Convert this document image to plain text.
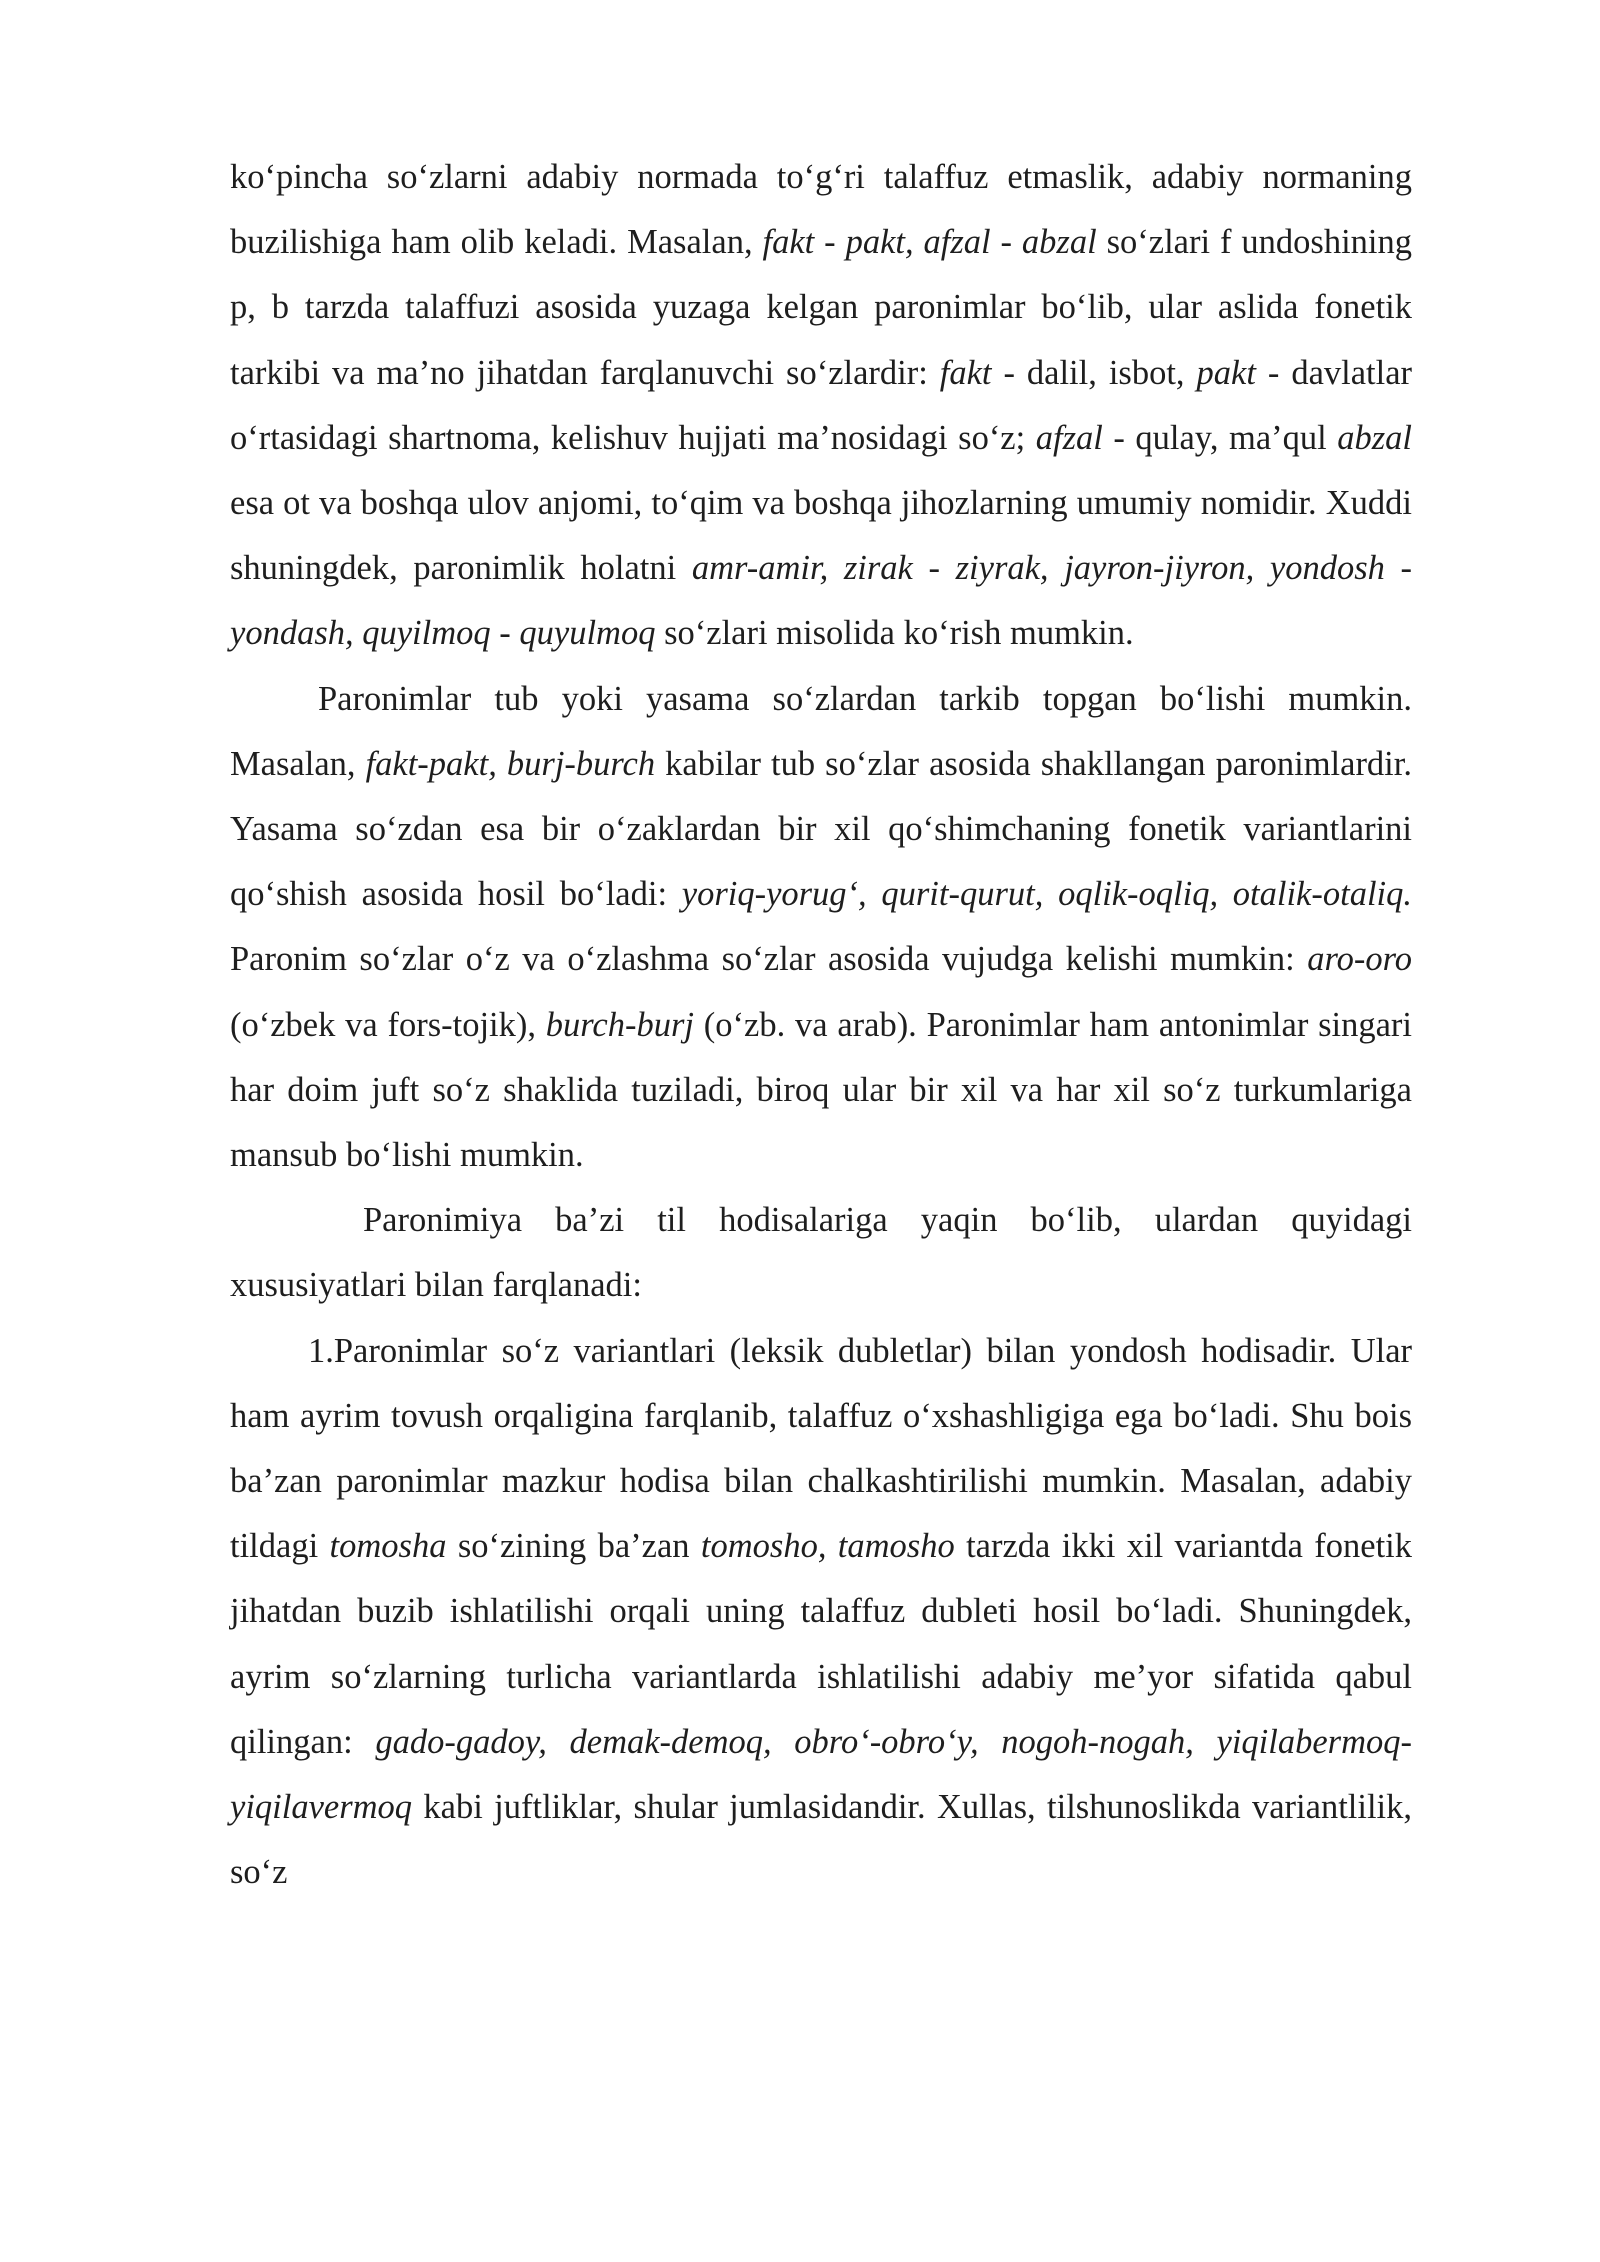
ko‘pincha so‘zlarni adabiy normada to‘g‘ri talaffuz etmaslik, adabiy normaning buzilishiga ham olib keladi. Masalan, fakt - pakt, afzal - abzal so‘zlari f undoshining p, b tarzda talaffuzi asosida yuzaga kelgan paronimlar bo‘lib, ular aslida fonetik tarkibi va ma’no jihatdan farqlanuvchi so‘zlardir: fakt - dalil, isbot, pakt - davlatlar o‘rtasidagi shartnoma, kelishuv hujjati ma’nosidagi so‘z; afzal - qulay, ma’qul abzal esa ot va boshqa ulov anjomi, to‘qim va boshqa jihozlarning umumiy nomidir. Xuddi shuningdek, paronimlik holatni amr-amir, zirak - ziyrak, jayron-jiyron, yondosh - yondash, quyilmoq - quyulmoq so‘zlari misolida ko‘rish mumkin.

Paronimlar tub yoki yasama so‘zlardan tarkib topgan bo‘lishi mumkin. Masalan, fakt-pakt, burj-burch kabilar tub so‘zlar asosida shakllangan paronimlardir. Yasama so‘zdan esa bir o‘zaklardan bir xil qo‘shimchaning fonetik variantlarini qo‘shish asosida hosil bo‘ladi: yoriq-yorug‘, qurit-qurut, oqlik-oqliq, otalik-otaliq. Paronim so‘zlar o‘z va o‘zlashma so‘zlar asosida vujudga kelishi mumkin: aro-oro (o‘zbek va fors-tojik), burch-burj (o‘zb. va arab). Paronimlar ham antonimlar singari har doim juft so‘z shaklida tuziladi, biroq ular bir xil va har xil so‘z turkumlariga mansub bo‘lishi mumkin.

Paronimiya ba’zi til hodisalariga yaqin bo‘lib, ulardan quyidagi xususiyatlari bilan farqlanadi:

1.Paronimlar so‘z variantlari (leksik dubletlar) bilan yondosh hodisadir. Ular ham ayrim tovush orqaligina farqlanib, talaffuz o‘xshashligiga ega bo‘ladi. Shu bois ba’zan paronimlar mazkur hodisa bilan chalkashtirilishi mumkin. Masalan, adabiy tildagi tomosha so‘zining ba’zan tomosho, tamosho tarzda ikki xil variantda fonetik jihatdan buzib ishlatilishi orqali uning talaffuz dubleti hosil bo‘ladi. Shuningdek, ayrim so‘zlarning turlicha variantlarda ishlatilishi adabiy me’yor sifatida qabul qilingan: gado-gadoy, demak-demoq, obro‘-obro‘y, nogoh-nogah, yiqilabermoq-yiqilavermoq kabi juftliklar, shular jumlasidandir. Xullas, tilshunoslikda variantlilik, so‘z
